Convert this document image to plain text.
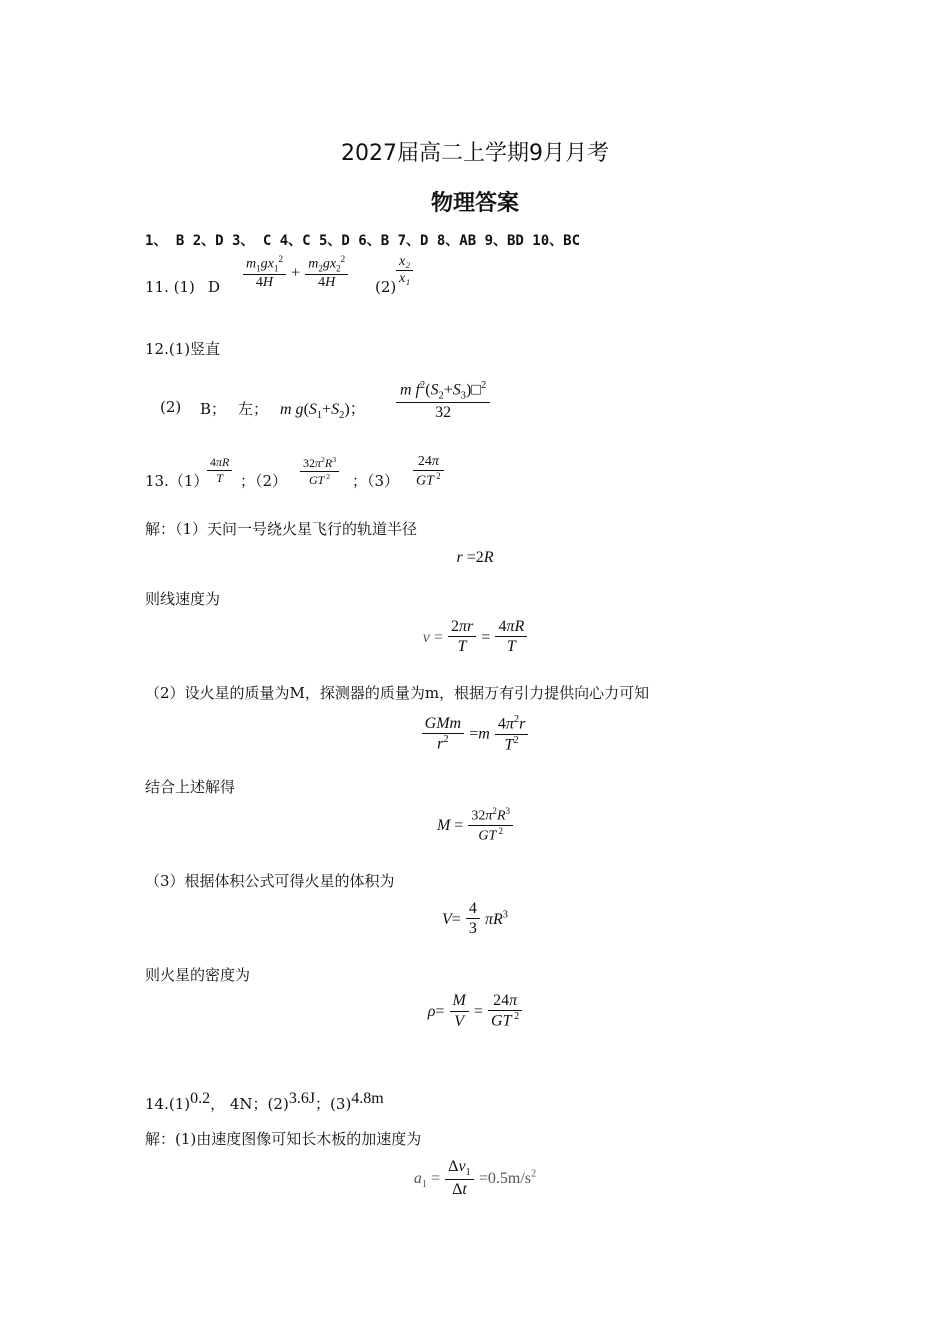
2027届高二上学期9月月考
物理答案
1、 B 2、D 3、 C 4、C 5、D 6、B 7、D 8、AB 9、BD 10、BC
11. (1) D $\frac{m_1gx_1^2}{4H} + \frac{m_2gx_2^2}{4H} (2) \frac{\text{x₂}}{\text{x₁}}$
12.(1)竖直
(2) B； 左； m $g(S_1+S_2)$； $\frac{m f^2(S_2+S_3)□^2}{32}$
13.（1）
$\frac{4\pi R}{T}$ ；$(2) \frac{32\pi^2R^3}{GT ^2}$ ；$(3) \frac{24\pi}{GT ^2}$
解：（1）天问一号绕火星飞行的轨道半径
r =2R
则线速度为
$v = \frac{2\pi r}{T} = \frac{4\pi R}{T}$
（2）设火星的质量为M，探测器的质量为m，根据万有引力提供向心力可知
$\frac{\text{GMm}}{r^2} =m \frac{4\pi^2r}{T^2}$
结合上述解得
$M = \frac{32\pi^2R^3}{GT ^2}$
（3）根据体积公式可得火星的体积为
$V= \frac{4}{3} \pi R^3$
则火星的密度为
$\rho= \frac{M}{V} = \frac{24\pi}{GT ^2}$
14.(1)0.2， 4N；(2)3.6J；(3)4.8m
解：(1)由速度图像可知长木板的加速度为
$a_1 = \frac{\Delta v_1}{\Delta t} =0.5m/s^2$
